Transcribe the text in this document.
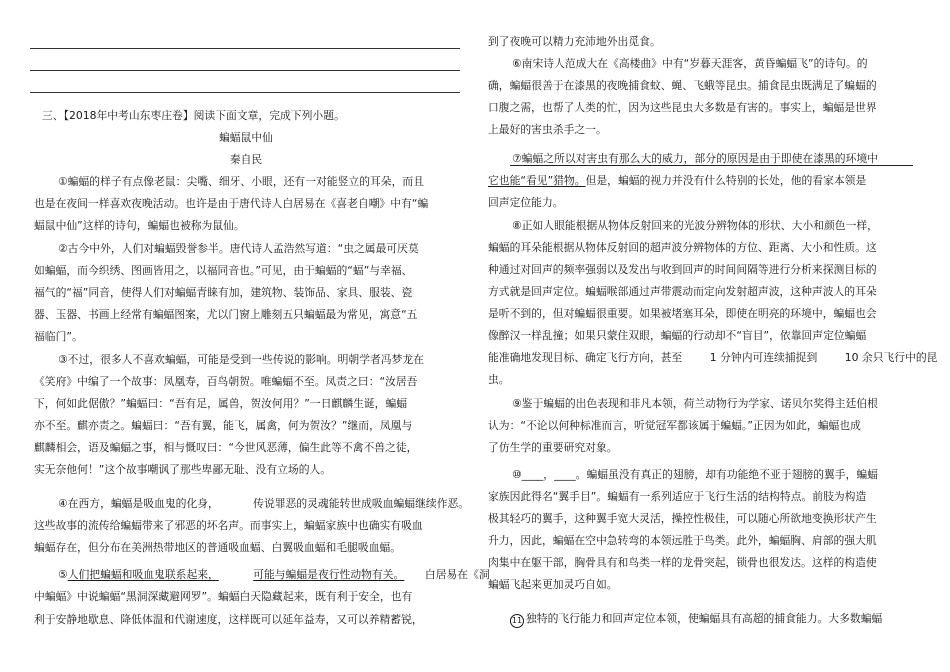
三、【2018年中考山东枣庄卷】阅读下面文章，完成下列小题。
蝙蝠鼠中仙
秦自民
①蝙蝠的样子有点像老鼠：尖嘴、细牙、小眼，还有一对能竖立的耳朵，而且
也是在夜间一样喜欢夜晚活动。也许是由于唐代诗人白居易在《喜老自嘲》中有“蝙
蝠鼠中仙”这样的诗句，蝙蝠也被称为鼠仙。
②古今中外，人们对蝙蝠毁誉参半。唐代诗人孟浩然写道：“虫之属最可厌莫
如蝙蝠，而今织绣、图画皆用之，以福同音也。”可见，由于蝙蝠的“蝠”与幸福、
福气的“福”同音，使得人们对蝙蝠青睐有加，建筑物、装饰品、家具、服装、瓷
器、玉器、书画上经常有蝙蝠图案，尤以门窗上雕刻五只蝙蝠最为常见，寓意“五
福临门”。
③不过，很多人不喜欢蝙蝠，可能是受到一些传说的影响。明朝学者冯梦龙在
《笑府》中编了一个故事：凤凰寿，百鸟朝贺。唯蝙蝠不至。凤责之曰：“汝居吾
下，何如此倨傲？”蝙蝠曰：“吾有足，属兽，贺汝何用？”一日麒麟生诞，蝙蝠
亦不至。麒亦责之。蝙蝠曰：“吾有翼，能飞，属禽，何为贺汝？”继而，凤凰与
麒麟相会，语及蝙蝠之事，相与慨叹曰：“今世风恶薄，偏生此等不禽不兽之徒，
实无奈他何！”这个故事嘲讽了那些卑鄙无耻、没有立场的人。
④在西方，蝙蝠是吸血鬼的化身，          传说罪恶的灵魂能转世成吸血蝙蝠继续作恶。
这些故事的流传给蝙蝠带来了邪恶的坏名声。而事实上，蝙蝠家族中也确实有吸血
蝙蝠存在，但分布在美洲热带地区的普通吸血蝠、白翼吸血蝠和毛腿吸血蝠。
⑤人们把蝙蝠和吸血鬼联系起来，	可能与蝙蝠是夜行性动物有关。      白居易在《洞
中蝙蝠》中说蝙蝠“黑洞深藏避网罗”。蝙蝠白天隐藏起来，既有利于安全，也有
利于安静地歇息、降低体温和代谢速度，这样既可以延年益寿，又可以养精蓄锐，
到了夜晚可以精力充沛地外出觅食。
⑥南宋诗人范成大在《高楼曲》中有“岁暮天涯客，黄昏蝙蝠飞”的诗句。的
确，蝙蝠很善于在漆黑的夜晚捕食蚊、蝇、飞蛾等昆虫。捕食昆虫既满足了蝙蝠的
口腹之需，也帮了人类的忙，因为这些昆虫大多数是有害的。事实上，蝙蝠是世界
上最好的害虫杀手之一。
⑦蝙蝠之所以对害虫有那么大的威力，部分的原因是由于即使在漆黑的环境中
它也能“看见”猎物。但是，蝙蝠的视力并没有什么特别的长处，他的看家本领是
回声定位能力。
⑧正如人眼能根据从物体反射回来的光波分辨物体的形状、大小和颜色一样，
蝙蝠的耳朵能根据从物体反射回的超声波分辨物体的方位、距离、大小和性质。这
种通过对回声的频率强弱以及发出与收到回声的时间间隔等进行分析来探测目标的
方式就是回声定位。蝙蝠喉部通过声带震动而定向发射超声波，这种声波人的耳朵
是听不到的，但对蝙蝠很重要。如果被堵塞耳朵，即使在明亮的环境中，蝙蝠也会
像醉汉一样乱撞；如果只蒙住双眼，蝙蝠的行动却不“盲目”，依靠回声定位蝙蝠
能准确地发现目标、确定飞行方向，甚至        1 分钟内可连续捕捉到        10 余只飞行中的昆
虫。
⑨鉴于蝙蝠的出色表现和非凡本领，荷兰动物行为学家、诺贝尔奖得主廷伯根
认为：“不论以何种标准而言，听觉冠军都该属于蝙蝠。”正因为如此，蝙蝠也成
了仿生学的重要研究对象。
⑩____，____。蝙蝠虽没有真正的翅膀，却有功能绝不亚于翅膀的翼手，蝙蝠
家族因此得名“翼手目”。蝙蝠有一系列适应于飞行生活的结构特点。前肢为构造
极其轻巧的翼手，这种翼手宽大灵活，操控性极佳，可以随心所欲地变换形状产生
升力，因此，蝙蝠在空中急转弯的本领远胜于鸟类。此外，蝙蝠胸、肩部的强大肌
肉集中在躯干部，胸骨具有和鸟类一样的龙骨突起，锁骨也很发达。这样的构造使
蝙蝠飞起来更加灵巧自如。
11 独特的飞行能力和回声定位本领，使蝙蝠具有高超的捕食能力。大多数蝙蝠
